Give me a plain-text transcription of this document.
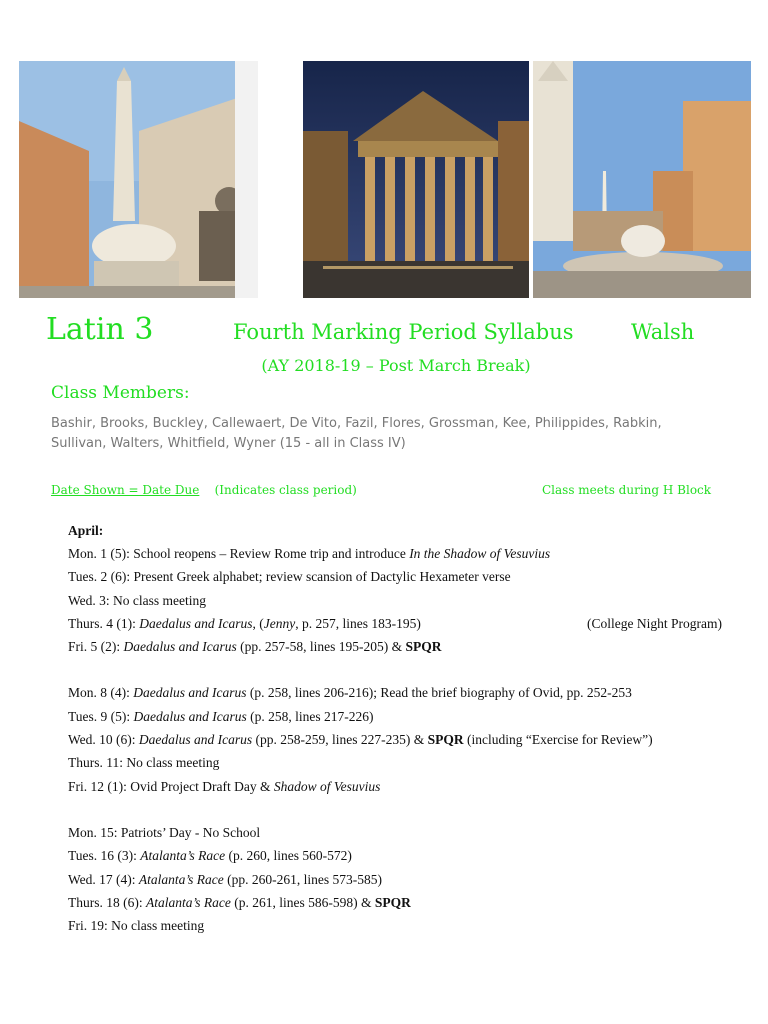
Latin 3	Fourth Marking Period Syllabus	Walsh
(AY 2018-19 – Post March Break)
Class Members:
Bashir, Brooks, Buckley, Callewaert, De Vito, Fazil, Flores, Grossman, Kee, Philippides, Rabkin, Sullivan, Walters, Whitfield, Wyner (15 - all in Class IV)
Date Shown = Date Due (Indicates class period)	Class meets during H Block
April:
Mon. 1 (5): School reopens – Review Rome trip and introduce In the Shadow of Vesuvius
Tues. 2 (6): Present Greek alphabet; review scansion of Dactylic Hexameter verse
Wed. 3: No class meeting
Thurs. 4 (1): Daedalus and Icarus, (Jenny, p. 257, lines 183-195)	(College Night Program)
Fri. 5 (2): Daedalus and Icarus (pp. 257-58, lines 195-205) & SPQR
Mon. 8 (4): Daedalus and Icarus (p. 258, lines 206-216); Read the brief biography of Ovid, pp. 252-253
Tues. 9 (5): Daedalus and Icarus (p. 258, lines 217-226)
Wed. 10 (6): Daedalus and Icarus (pp. 258-259, lines 227-235) & SPQR (including “Exercise for Review”)
Thurs. 11: No class meeting
Fri. 12 (1): Ovid Project Draft Day & Shadow of Vesuvius
Mon. 15: Patriots’ Day - No School
Tues. 16 (3): Atalanta’s Race (p. 260, lines 560-572)
Wed. 17 (4): Atalanta’s Race (pp. 260-261, lines 573-585)
Thurs. 18 (6): Atalanta’s Race (p. 261, lines 586-598) & SPQR
Fri. 19: No class meeting
